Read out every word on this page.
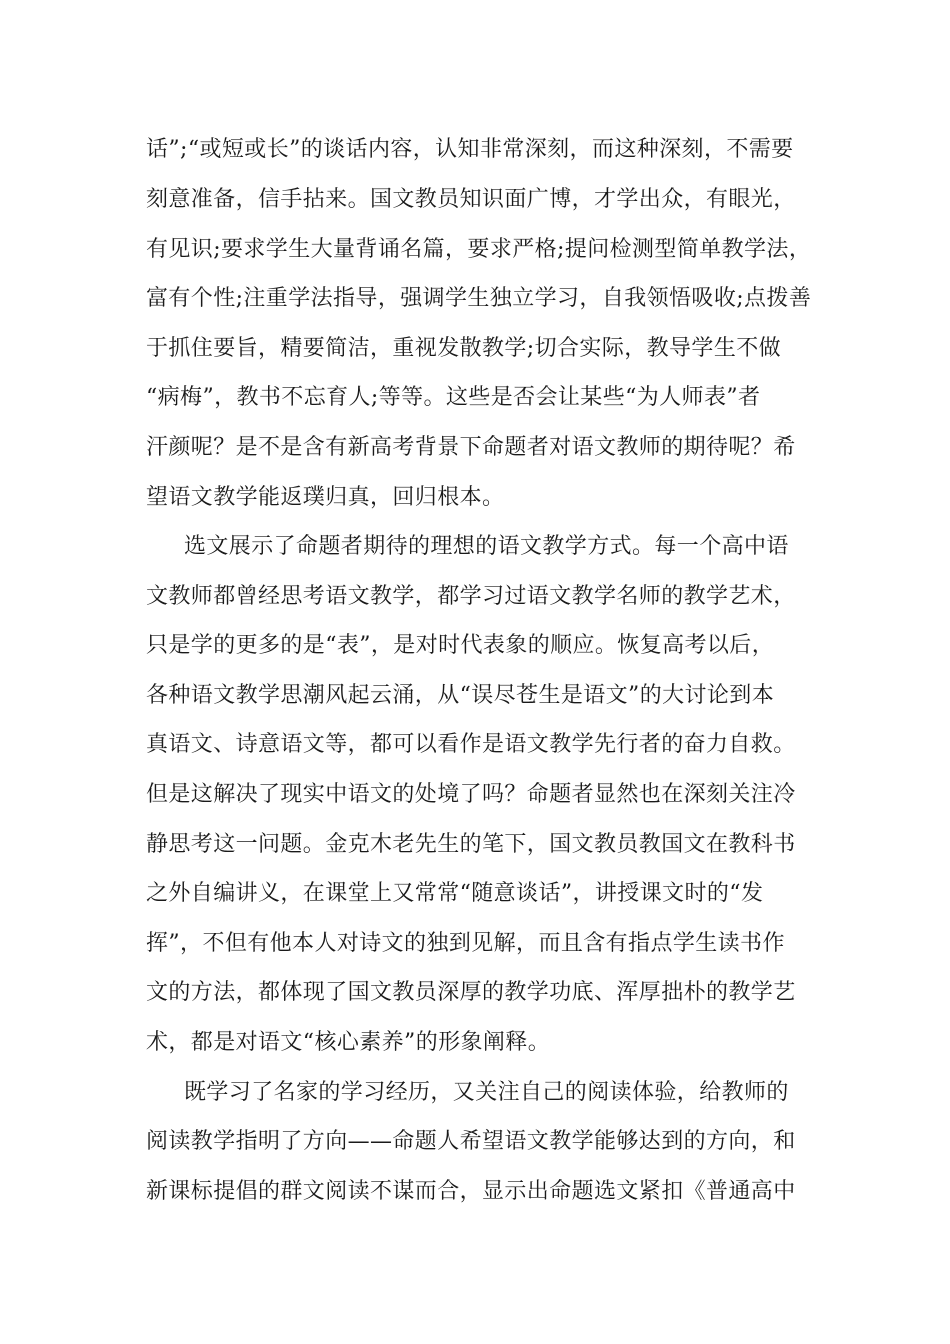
话”;“或短或长”的谈话内容，认知非常深刻，而这种深刻，不需要
刻意准备，信手拈来。国文教员知识面广博，才学出众，有眼光，
有见识;要求学生大量背诵名篇，要求严格;提问检测型简单教学法，
富有个性;注重学法指导，强调学生独立学习，自我领悟吸收;点拨善
于抓住要旨，精要简洁，重视发散教学;切合实际，教导学生不做
“病梅”，教书不忘育人;等等。这些是否会让某些“为人师表”者
汗颜呢？是不是含有新高考背景下命题者对语文教师的期待呢？希
望语文教学能返璞归真，回归根本。
选文展示了命题者期待的理想的语文教学方式。每一个高中语
文教师都曾经思考语文教学，都学习过语文教学名师的教学艺术，
只是学的更多的是“表”，是对时代表象的顺应。恢复高考以后，
各种语文教学思潮风起云涌，从“误尽苍生是语文”的大讨论到本
真语文、诗意语文等，都可以看作是语文教学先行者的奋力自救。
但是这解决了现实中语文的处境了吗？命题者显然也在深刻关注冷
静思考这一问题。金克木老先生的笔下，国文教员教国文在教科书
之外自编讲义，在课堂上又常常“随意谈话”，讲授课文时的“发
挥”，不但有他本人对诗文的独到见解，而且含有指点学生读书作
文的方法，都体现了国文教员深厚的教学功底、浑厚拙朴的教学艺
术，都是对语文“核心素养”的形象阐释。
既学习了名家的学习经历，又关注自己的阅读体验，给教师的
阅读教学指明了方向——命题人希望语文教学能够达到的方向，和
新课标提倡的群文阅读不谋而合，显示出命题选文紧扣《普通高中
